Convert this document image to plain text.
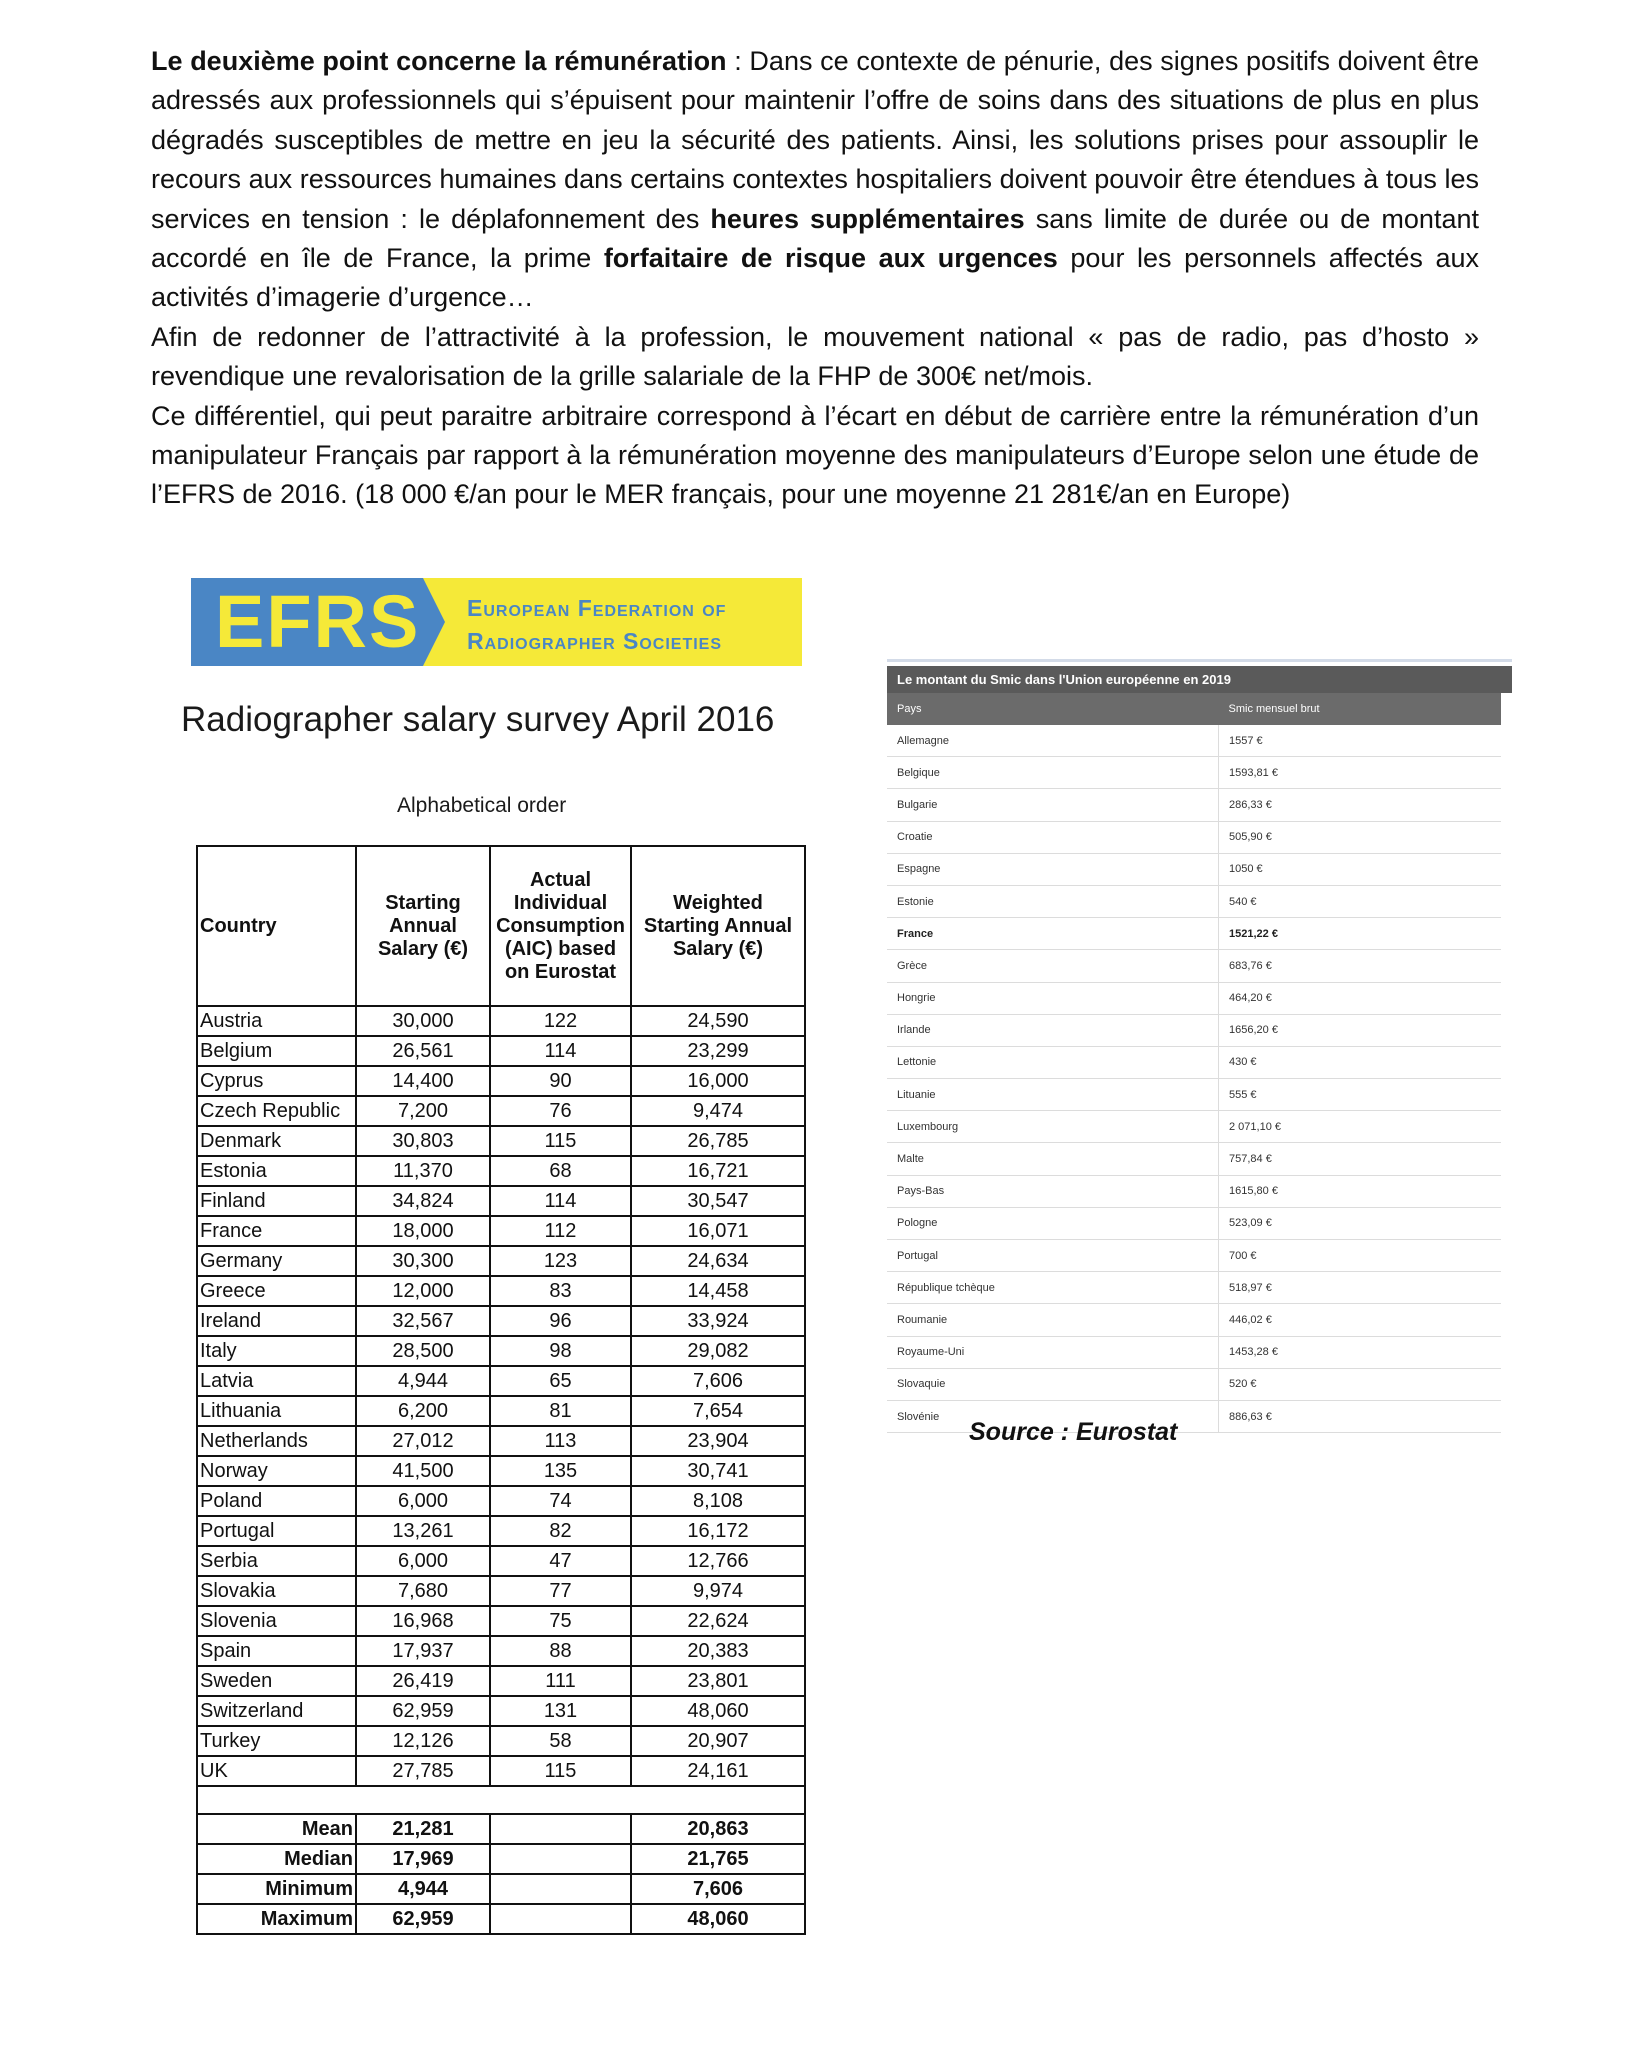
Le deuxième point concerne la rémunération : Dans ce contexte de pénurie, des signes positifs doivent être adressés aux professionnels qui s’épuisent pour maintenir l’offre de soins dans des situations de plus en plus dégradés susceptibles de mettre en jeu la sécurité des patients. Ainsi, les solutions prises pour assouplir le recours aux ressources humaines dans certains contextes hospitaliers doivent pouvoir être étendues à tous les services en tension : le déplafonnement des heures supplémentaires sans limite de durée ou de montant accordé en île de France, la prime forfaitaire de risque aux urgences pour les personnels affectés aux activités d’imagerie d’urgence…

Afin de redonner de l’attractivité à la profession, le mouvement national « pas de radio, pas d’hosto » revendique une revalorisation de la grille salariale de la FHP de 300€ net/mois.

Ce différentiel, qui peut paraitre arbitraire correspond à l’écart en début de carrière entre la rémunération d’un manipulateur Français par rapport à la rémunération moyenne des manipulateurs d’Europe selon une étude de l’EFRS de 2016. (18 000 €/an pour le MER français, pour une moyenne 21 281€/an en Europe)

EFRS European Federation of
Radiographer Societies
Radiographer salary survey April 2016
Alphabetical order
Country	Starting Annual Salary (€)	Actual Individual Consumption (AIC) based on Eurostat	Weighted Starting Annual Salary (€)
Austria	30,000	122	24,590
Belgium	26,561	114	23,299
Cyprus	14,400	90	16,000
Czech Republic	7,200	76	9,474
Denmark	30,803	115	26,785
Estonia	11,370	68	16,721
Finland	34,824	114	30,547
France	18,000	112	16,071
Germany	30,300	123	24,634
Greece	12,000	83	14,458
Ireland	32,567	96	33,924
Italy	28,500	98	29,082
Latvia	4,944	65	7,606
Lithuania	6,200	81	7,654
Netherlands	27,012	113	23,904
Norway	41,500	135	30,741
Poland	6,000	74	8,108
Portugal	13,261	82	16,172
Serbia	6,000	47	12,766
Slovakia	7,680	77	9,974
Slovenia	16,968	75	22,624
Spain	17,937	88	20,383
Sweden	26,419	111	23,801
Switzerland	62,959	131	48,060
Turkey	12,126	58	20,907
UK	27,785	115	24,161

Mean	21,281		20,863
Median	17,969		21,765
Minimum	4,944		7,606
Maximum	62,959		48,060
Le montant du Smic dans l'Union européenne en 2019
Pays	Smic mensuel brut
Allemagne	1557 €
Belgique	1593,81 €
Bulgarie	286,33 €
Croatie	505,90 €
Espagne	1050 €
Estonie	540 €
France	1521,22 €
Grèce	683,76 €
Hongrie	464,20 €
Irlande	1656,20 €
Lettonie	430 €
Lituanie	555 €
Luxembourg	2 071,10 €
Malte	757,84 €
Pays-Bas	1615,80 €
Pologne	523,09 €
Portugal	700 €
République tchèque	518,97 €
Roumanie	446,02 €
Royaume-Uni	1453,28 €
Slovaquie	520 €
Slovénie	886,63 €
Source : Eurostat
